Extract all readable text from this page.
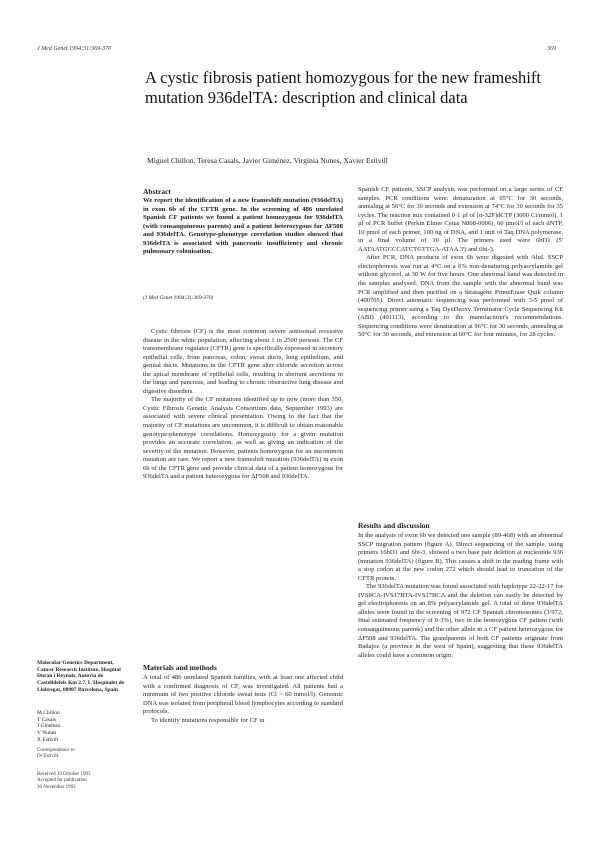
J Med Genet 1994;31:369-370	369
A cystic fibrosis patient homozygous for the new frameshift mutation 936delTA: description and clinical data
Miguel Chillon, Teresa Casals, Javier Giménez, Virginia Nunes, Xavier Estivill
Abstract
We report the identification of a new frameshift mutation (936delTA) in exon 6b of the CFTR gene. In the screening of 486 unrelated Spanish CF patients we found a patient homozygous for 936delTA (with consanguineous parents) and a patient heterozygous for ΔF508 and 936delTA. Genotype-phenotype correlation studies showed that 936delTA is associated with pancreatic insufficiency and chronic pulmonary colonisation.
(J Med Genet 1994;31:369-370)

Cystic fibrosis (CF) is the most common severe autosomal recessive disease in the white population, affecting about 1 in 2500 persons. The CF transmembrane regulator (CFTR) gene is specifically expressed in secretory epithelial cells, from pancreas, colon, sweat ducts, lung epithelium, and genital ducts. Mutations in the CFTR gene alter chloride secretion across the apical membrane of epithelial cells, resulting in aberrant secretions in the lungs and pancreas, and leading to chronic obstructive lung disease and digestive disorders.

The majority of the CF mutations identified up to now (more than 350, Cystic Fibrosis Genetic Analysis Consortium data, September 1993) are associated with severe clinical presentation. Owing to the fact that the majority of CF mutations are uncommon, it is difficult to obtain reasonable genotype-phenotype correlations. Homozygosity for a given mutation provides an accurate correlation, as well as giving an indication of the severity of the mutation. However, patients homozygous for an uncommon mutation are rare. We report a new frameshift mutation (936delTA) in exon 6b of the CFTR gene and provide clinical data of a patient homozygous for 936delTA and a patient heterozygous for ΔF508 and 936delTA.

Materials and methods

A total of 486 unrelated Spanish families, with at least one affected child with a confirmed diagnosis of CF, was investigated. All patients had a minimum of two positive chloride sweat tests (Cl > 60 mmol/l). Genomic DNA was isolated from peripheral blood lymphocytes according to standard protocols.

To identify mutations responsible for CF in

Spanish CF patients, SSCP analysis was performed on a large series of CF samples. PCR conditions were: denaturation at 95°C for 30 seconds, annealing at 56°C for 30 seconds and extension at 74°C for 30 seconds for 35 cycles. The reaction mix contained 0·1 µl of [α-32P]dCTP (3000 Ci/mmol), 1 µl of PCR buffer (Perkin Elmer Cetus N808-0006), 60 µmol/l of each dNTP, 10 pmol of each primer, 100 ng of DNA, and 1 unit of Taq DNA polymerase, in a final volume of 10 µl. The primers used were 6bD1 (5' AATAATGCCCATCTGTTGA-ATAA 3') and 6bi-3.

After PCR, DNA products of exon 6b were digested with AluI. SSCP electrophoresis was run at 4°C on a 6% non-denaturing polyacrylamide gel without glycerol, at 30 W for five hours. One abnormal band was detected in the samples analysed. DNA from the sample with the abnormal band was PCR amplified and then purified on a Stratagene PrimeErase Quik column (400705). Direct automatic sequencing was performed with 3-5 pmol of sequencing primer using a Taq DyeDeoxy Terminator Cycle Sequencing Kit (ABI) (401113), according to the manufacturer's recommendations. Sequencing conditions were denaturation at 96°C for 30 seconds, annealing at 50°C for 30 seconds, and extension at 60°C for four minutes, for 28 cycles.

Results and discussion

In the analysis of exon 6b we detected one sample (89-468) with an abnormal SSCP migration pattern (figure A). Direct sequencing of the sample, using primers 16bD1 and 6bi-3, showed a two base pair deletion at nucleotide 936 (mutation 936delTA) (figure B). This causes a shift in the reading frame with a stop codon at the new codon 272 which should lead to truncation of the CFTR protein.

The 936delTA mutation was found associated with haplotype 22-22-17 for IVS8CA-IVS17BTA-IVS17BCA and the deletion can easily be detected by gel electrophoresis on an 8% polyacrylamide gel. A total of three 936delTA alleles were found in the screening of 972 CF Spanish chromosomes (3/972; final estimated frequency of 0·3%), two in the homozygous CF patient (with consanguineous parents) and the other allele in a CF patient heterozygous for ΔF508 and 936delTA. The grandparents of both CF patients originate from Badajoz (a province in the west of Spain), suggesting that these 936delTA alleles could have a common origin.

Molecular Genetics Department, Cancer Research Institute, Hospital Duran i Reynals, Autovia de Castelldefels Km 2.7, L'Hospitalet de Llobregat, 08907 Barcelona, Spain
M Chillon
T Casals
J Giménez
V Nunes
X Estivill
Correspondence to
Dr Estivill.
Received 19 October 1993
Accepted for publication
30 November 1993
